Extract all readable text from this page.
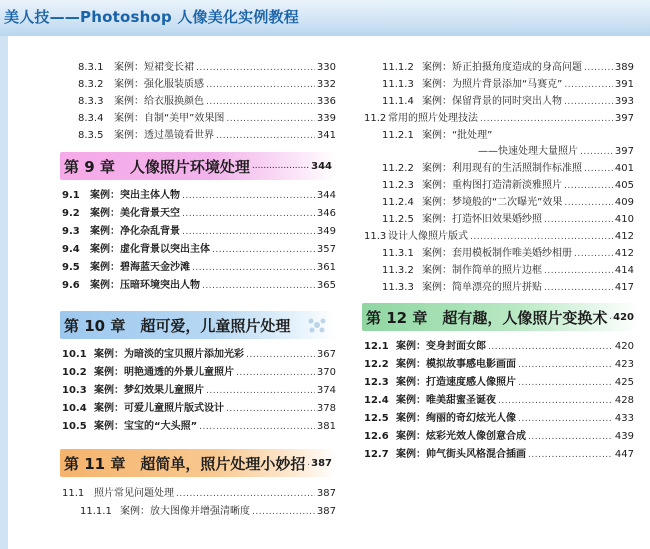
美人技——Photoshop 人像美化实例教程
8.3.1	案例：短裙变长裙 .....	330
8.3.2	案例：强化服装质感 .....	332
8.3.3	案例：给衣服换颜色 .....	336
8.3.4	案例：自制“美甲”效果图 .....	339
8.3.5	案例：透过墨镜看世界 .....	341
第 9 章　人像照片环境处理 .....	344
9.1	案例：突出主体人物 .....	344
9.2	案例：美化背景天空 .....	346
9.3	案例：净化杂乱背景 .....	349
9.4	案例：虚化背景以突出主体 .....	357
9.5	案例：碧海蓝天金沙滩 .....	361
9.6	案例：压暗环境突出人物 .....	365
第 10 章　超可爱，儿童照片处理
10.1 案例：为暗淡的宝贝照片添加光彩 .....	367
10.2 案例：明艳通透的外景儿童照片 .....	370
10.3 案例：梦幻效果儿童照片 .....	374
10.4 案例：可爱儿童照片版式设计 .....	378
10.5 案例：宝宝的“大头照” .....	381
第 11 章　超简单，照片处理小妙招 ..... 387
11.1 照片常见问题处理 .....	387
11.1.1 案例：放大图像并增强清晰度 .....	387
11.1.2 案例：矫正拍摄角度造成的身高问题 .....	389
11.1.3 案例：为照片背景添加“马赛克” .....	391
11.1.4 案例：保留背景的同时突出人物 .....	393
11.2 常用的照片处理技法 .....	397
11.2.1 案例：“批处理”
——快速处理大量照片 .....	397
11.2.2 案例：利用现有的生活照制作标准照 .....	401
11.2.3 案例：重构图打造清新淡雅照片 .....	405
11.2.4 案例：梦境般的“二次曝光”效果 .....	409
11.2.5 案例：打造怀旧效果婚纱照 .....	410
11.3 设计人像照片版式 .....	412
11.3.1 案例：套用模板制作唯美婚纱相册 .....	412
11.3.2 案例：制作简单的照片边框 .....	414
11.3.3 案例：简单漂亮的照片拼贴 .....	417
第 12 章　超有趣，人像照片变换术 ..... 420
12.1 案例：变身封面女郎 .....	420
12.2 案例：模拟故事感电影画面 .....	423
12.3 案例：打造速度感人像照片 .....	425
12.4 案例：唯美甜蜜圣诞夜 .....	428
12.5 案例：绚丽的奇幻炫光人像 .....	433
12.6 案例：炫彩光效人像创意合成 .....	439
12.7 案例：帅气街头风格混合插画 .....	447
